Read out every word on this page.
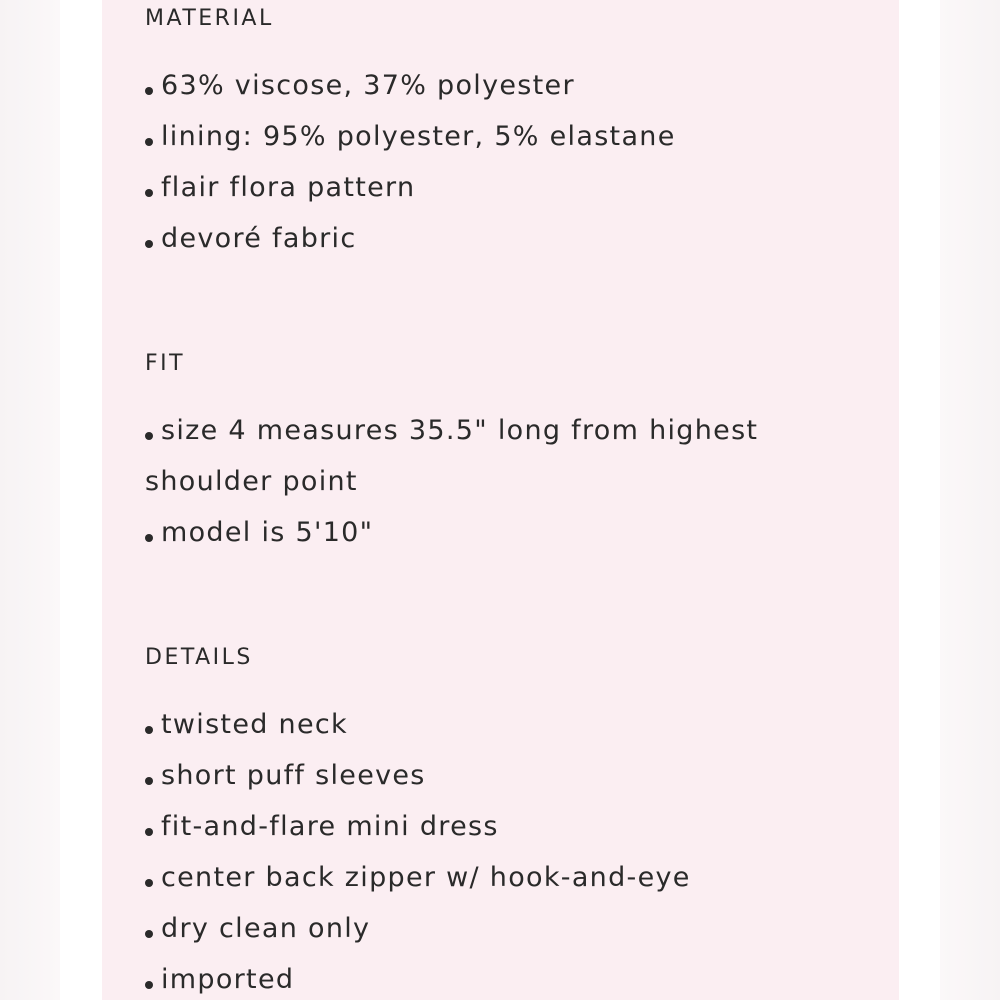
MATERIAL
63% viscose, 37% polyester
lining: 95% polyester, 5% elastane
flair flora pattern
devoré fabric
FIT
size 4 measures 35.5" long from highest
shoulder point
model is 5'10"
DETAILS
twisted neck
short puff sleeves
fit-and-flare mini dress
center back zipper w/ hook-and-eye
dry clean only
imported
